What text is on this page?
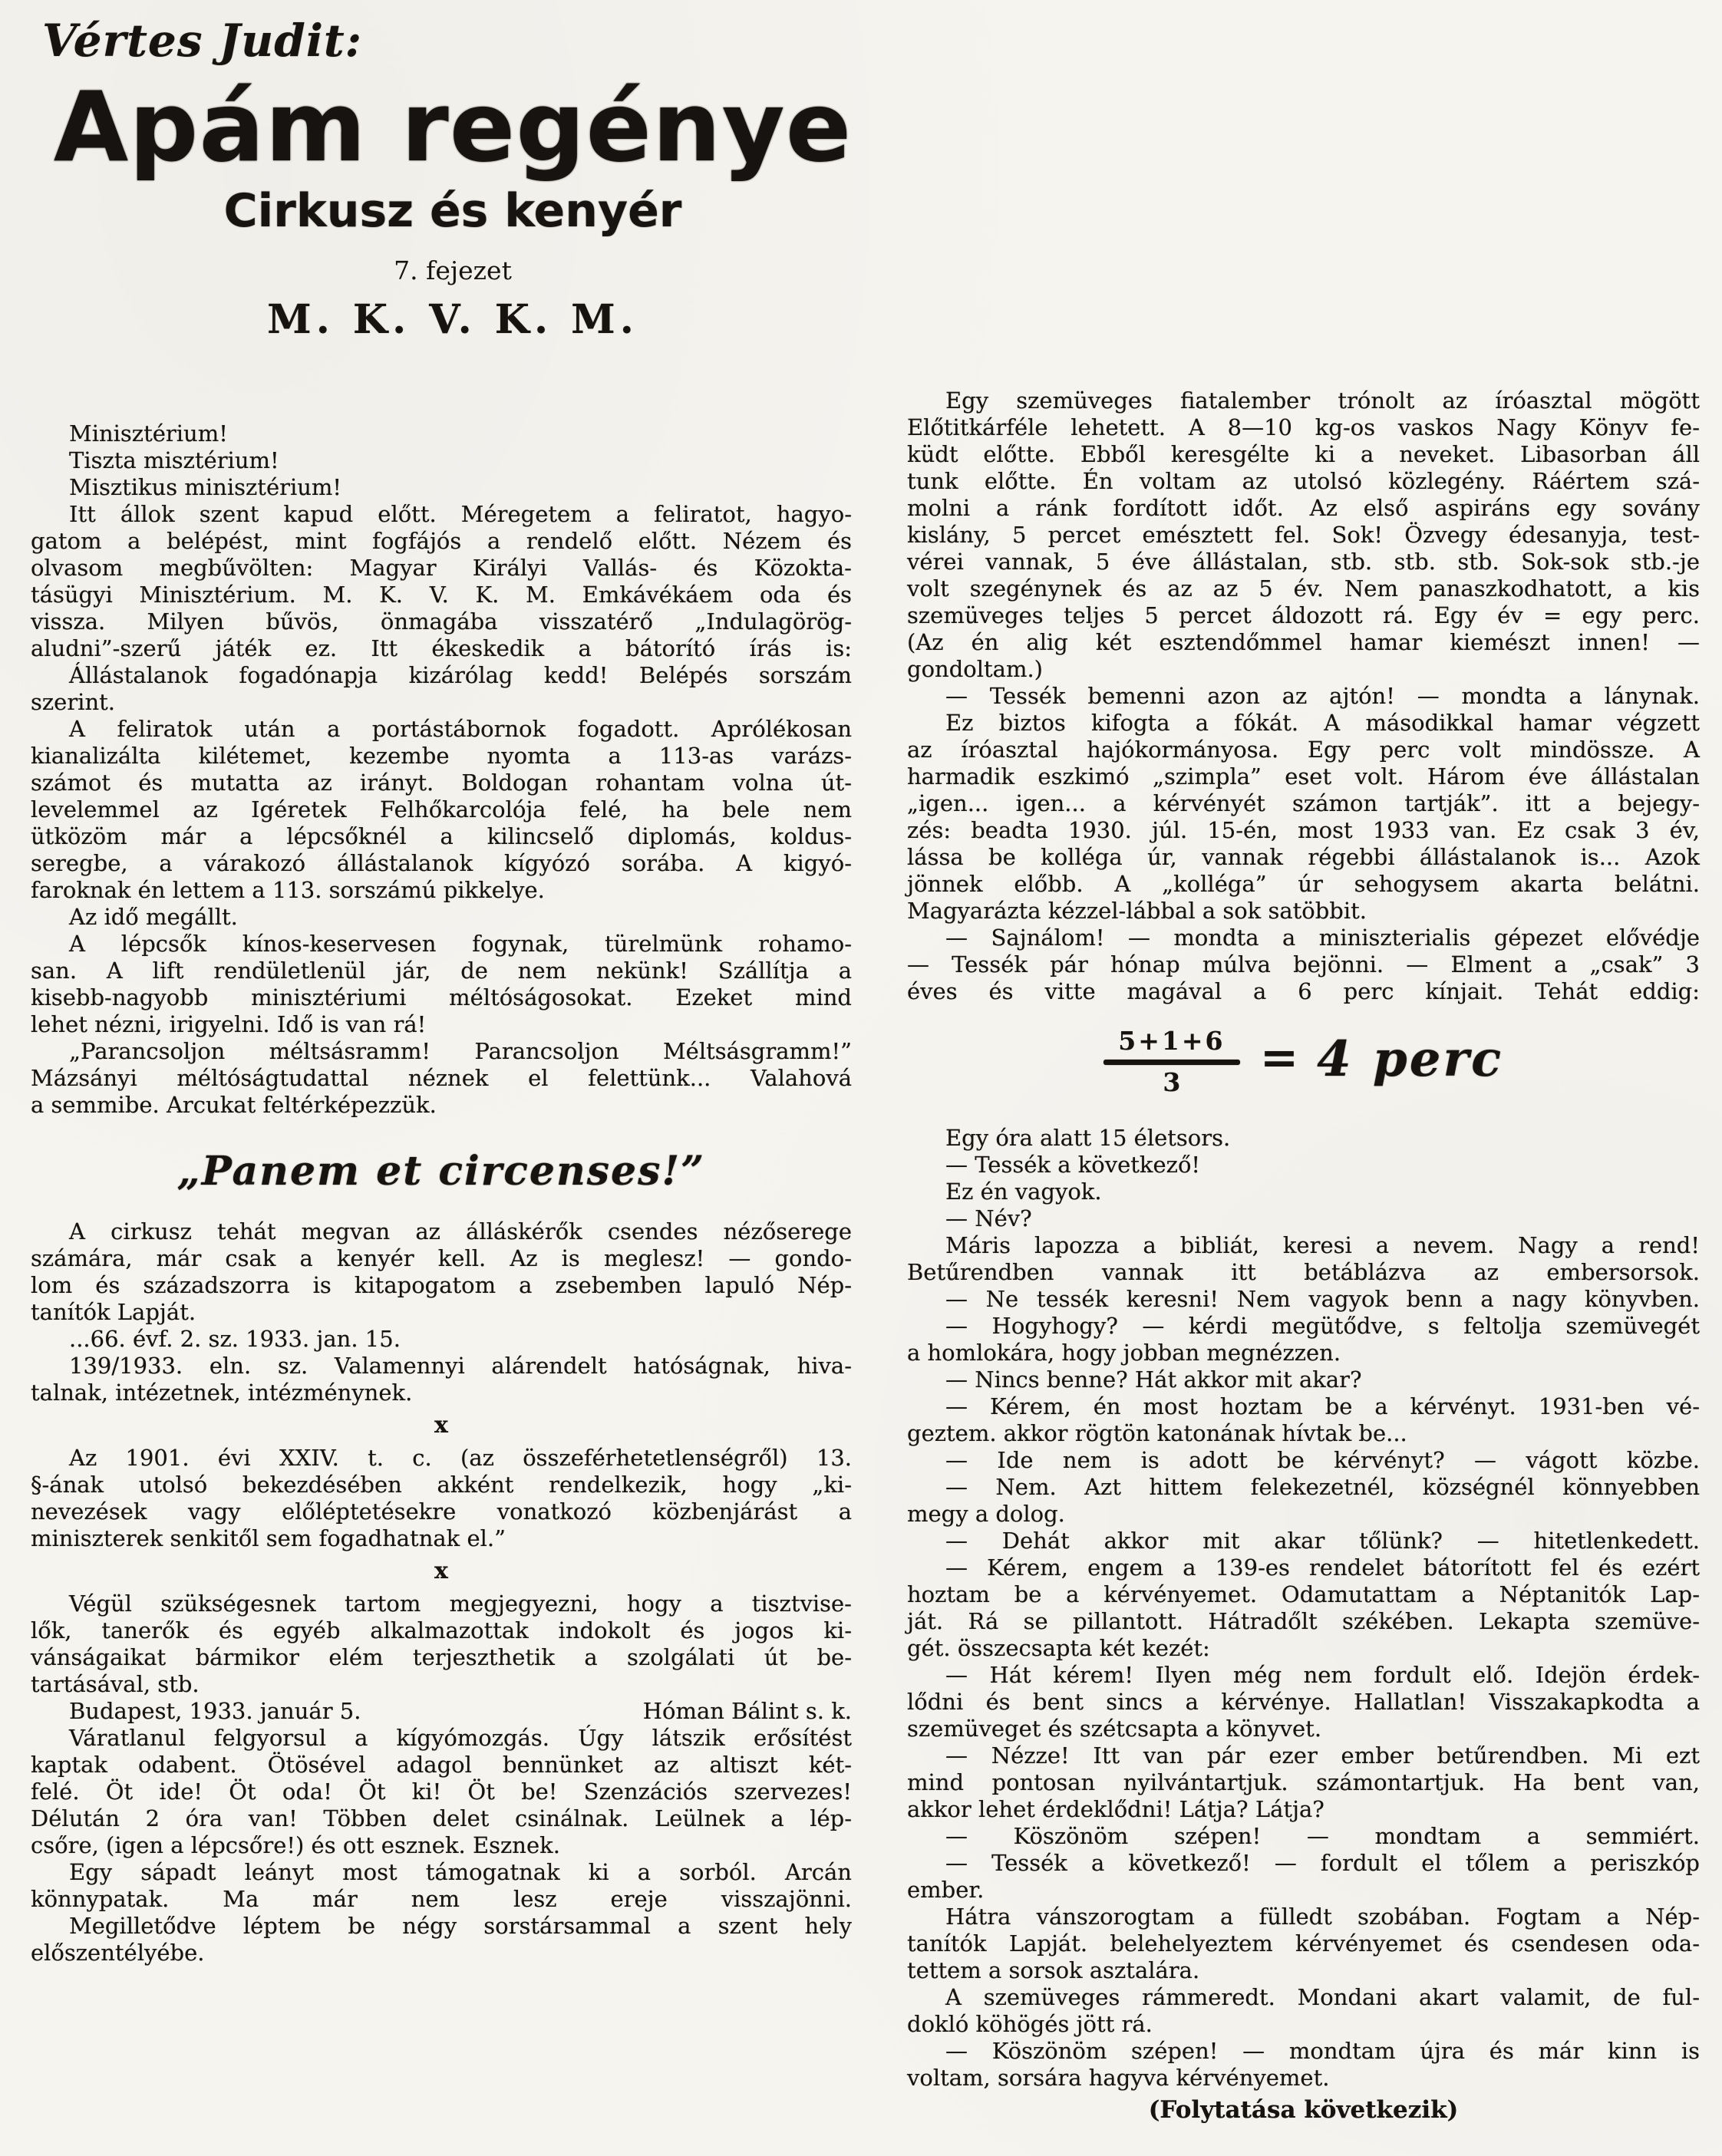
Vértes Judit:
Apám regénye
Cirkusz és kenyér
7. fejezet
M. K. V. K. M.
Minisztérium!
Tiszta misztérium!
Misztikus minisztérium!
Itt állok szent kapud előtt. Méregetem a feliratot, hagyo-
gatom a belépést, mint fogfájós a rendelő előtt. Nézem és
olvasom megbűvölten: Magyar Királyi Vallás- és Közokta-
tásügyi Minisztérium. M. K. V. K. M. Emkávékáem oda és
vissza. Milyen bűvös, önmagába visszatérő „Indulagörög-
aludni”-szerű játék ez. Itt ékeskedik a bátorító írás is:
Állástalanok fogadónapja kizárólag kedd! Belépés sorszám
szerint.
A feliratok után a portástábornok fogadott. Aprólékosan
kianalizálta kilétemet, kezembe nyomta a 113-as varázs-
számot és mutatta az irányt. Boldogan rohantam volna út-
levelemmel az Igéretek Felhőkarcolója felé, ha bele nem
ütközöm már a lépcsőknél a kilincselő diplomás, koldus-
seregbe, a várakozó állástalanok kígyózó sorába. A kigyó-
faroknak én lettem a 113. sorszámú pikkelye.
Az idő megállt.
A lépcsők kínos-keservesen fogynak, türelmünk rohamo-
san. A lift rendületlenül jár, de nem nekünk! Szállítja a
kisebb-nagyobb minisztériumi méltóságosokat. Ezeket mind
lehet nézni, irigyelni. Idő is van rá!
„Parancsoljon méltsásramm! Parancsoljon Méltsásgramm!”
Mázsányi méltóságtudattal néznek el felettünk... Valahová
a semmibe. Arcukat feltérképezzük.
„Panem et circenses!”
A cirkusz tehát megvan az álláskérők csendes nézőserege
számára, már csak a kenyér kell. Az is meglesz! — gondo-
lom és századszorra is kitapogatom a zsebemben lapuló Nép-
tanítók Lapját.
...66. évf. 2. sz. 1933. jan. 15.
139/1933. eln. sz. Valamennyi alárendelt hatóságnak, hiva-
talnak, intézetnek, intézménynek.
x
Az 1901. évi XXIV. t. c. (az összeférhetetlenségről) 13.
§-ának utolsó bekezdésében akként rendelkezik, hogy „ki-
nevezések vagy előléptetésekre vonatkozó közbenjárást a
miniszterek senkitől sem fogadhatnak el.”
x
Végül szükségesnek tartom megjegyezni, hogy a tisztvise-
lők, tanerők és egyéb alkalmazottak indokolt és jogos ki-
vánságaikat bármikor elém terjeszthetik a szolgálati út be-
tartásával, stb.
Budapest, 1933. január 5.	Hóman Bálint s. k.
Váratlanul felgyorsul a kígyómozgás. Úgy látszik erősítést
kaptak odabent. Ötösével adagol bennünket az altiszt két-
felé. Öt ide! Öt oda! Öt ki! Öt be! Szenzációs szervezes!
Délután 2 óra van! Többen delet csinálnak. Leülnek a lép-
csőre, (igen a lépcsőre!) és ott esznek. Esznek.
Egy sápadt leányt most támogatnak ki a sorból. Arcán
könnypatak. Ma már nem lesz ereje visszajönni.
Megilletődve léptem be négy sorstársammal a szent hely
előszentélyébe.
Egy szemüveges fiatalember trónolt az íróasztal mögött
Előtitkárféle lehetett. A 8—10 kg-os vaskos Nagy Könyv fe-
küdt előtte. Ebből keresgélte ki a neveket. Libasorban áll
tunk előtte. Én voltam az utolsó közlegény. Ráértem szá-
molni a ránk fordított időt. Az első aspiráns egy sovány
kislány, 5 percet emésztett fel. Sok! Özvegy édesanyja, test-
vérei vannak, 5 éve állástalan, stb. stb. stb. Sok-sok stb.-je
volt szegénynek és az az 5 év. Nem panaszkodhatott, a kis
szemüveges teljes 5 percet áldozott rá. Egy év = egy perc.
(Az én alig két esztendőmmel hamar kiemészt innen! —
gondoltam.)
— Tessék bemenni azon az ajtón! — mondta a lánynak.
Ez biztos kifogta a fókát. A másodikkal hamar végzett
az íróasztal hajókormányosa. Egy perc volt mindössze. A
harmadik eszkimó „szimpla” eset volt. Három éve állástalan
„igen... igen... a kérvényét számon tartják”. itt a bejegy-
zés: beadta 1930. júl. 15-én, most 1933 van. Ez csak 3 év,
lássa be kolléga úr, vannak régebbi állástalanok is... Azok
jönnek előbb. A „kolléga” úr sehogysem akarta belátni.
Magyarázta kézzel-lábbal a sok satöbbit.
— Sajnálom! — mondta a miniszterialis gépezet elővédje
— Tessék pár hónap múlva bejönni. — Elment a „csak” 3
éves és vitte magával a 6 perc kínjait. Tehát eddig:
5+1+6
3 = 4 perc
Egy óra alatt 15 életsors.
— Tessék a következő!
Ez én vagyok.
— Név?
Máris lapozza a bibliát, keresi a nevem. Nagy a rend!
Betűrendben vannak itt betáblázva az embersorsok.
— Ne tessék keresni! Nem vagyok benn a nagy könyvben.
— Hogyhogy? — kérdi megütődve, s feltolja szemüvegét
a homlokára, hogy jobban megnézzen.
— Nincs benne? Hát akkor mit akar?
— Kérem, én most hoztam be a kérvényt. 1931-ben vé-
geztem. akkor rögtön katonának hívtak be...
— Ide nem is adott be kérvényt? — vágott közbe.
— Nem. Azt hittem felekezetnél, községnél könnyebben
megy a dolog.
— Dehát akkor mit akar tőlünk? — hitetlenkedett.
— Kérem, engem a 139-es rendelet bátorított fel és ezért
hoztam be a kérvényemet. Odamutattam a Néptanitók Lap-
ját. Rá se pillantott. Hátradőlt székében. Lekapta szemüve-
gét. összecsapta két kezét:
— Hát kérem! Ilyen még nem fordult elő. Idejön érdek-
lődni és bent sincs a kérvénye. Hallatlan! Visszakapkodta a
szemüveget és szétcsapta a könyvet.
— Nézze! Itt van pár ezer ember betűrendben. Mi ezt
mind pontosan nyilvántartjuk. számontartjuk. Ha bent van,
akkor lehet érdeklődni! Látja? Látja?
— Köszönöm szépen! — mondtam a semmiért.
— Tessék a következő! — fordult el tőlem a periszkóp
ember.
Hátra vánszorogtam a fülledt szobában. Fogtam a Nép-
tanítók Lapját. belehelyeztem kérvényemet és csendesen oda-
tettem a sorsok asztalára.
A szemüveges rámmeredt. Mondani akart valamit, de ful-
dokló köhögés jött rá.
— Köszönöm szépen! — mondtam újra és már kinn is
voltam, sorsára hagyva kérvényemet.
(Folytatása következik)
